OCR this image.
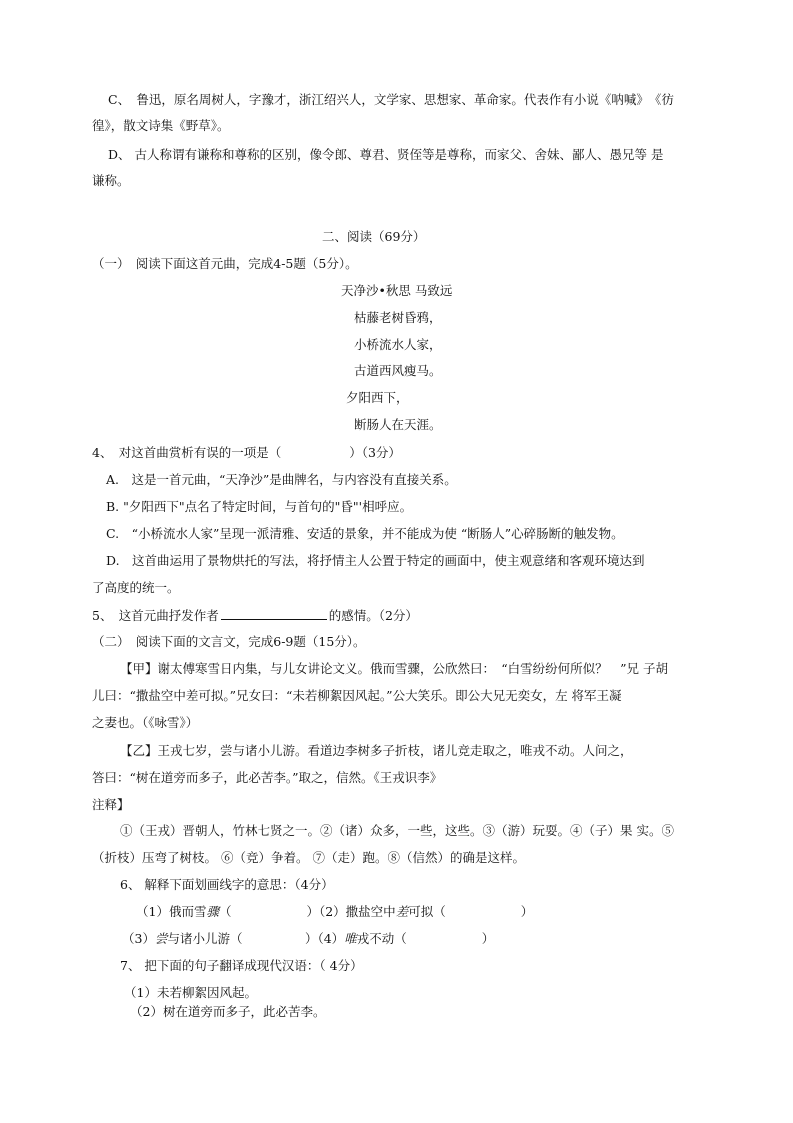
C、　鲁迅，原名周树人，字豫才，浙江绍兴人，文学家、思想家、革命家。代表作有小说《呐喊》　《彷
徨》，散文诗集《野草》。
D、 古人称谓有谦称和尊称的区别，像令郎、尊君、贤侄等是尊称，而家父、舍妹、鄙人、愚兄等 是
谦称。
二、阅读（69分）
（一）　阅读下面这首元曲，完成4-5题（5分）。
天净沙•秋思 马致远
枯藤老树昏鸦，
小桥流水人家，
古道西风瘦马。
夕阳西下，
断肠人在天涯。
4、　对这首曲赏析有误的一项是（	）（3分）
A.　这是一首元曲，“天净沙”是曲牌名，与内容没有直接关系。
B. "夕阳西下"点名了特定时间，与首句的"昏"'相呼应。
C.　“小桥流水人家”呈现一派清雅、安适的景象，并不能成为使 “断肠人”心碎肠断的触发物。
D.　这首曲运用了景物烘托的写法，将抒情主人公置于特定的画面中，使主观意绪和客观环境达到
了高度的统一。
5、　这首元曲抒发作者	的感情。（2分）
（二）　阅读下面的文言文，完成6-9题（15分）。
【甲】谢太傅寒雪日内集，与儿女讲论文义。俄而雪骤，公欣然曰：　“白雪纷纷何所似？　”兄 子胡
儿曰：“撒盐空中差可拟。”兄女曰：“未若柳絮因风起。”公大笑乐。即公大兄无奕女，左 将军王凝
之妻也。（《咏雪》）
【乙】王戎七岁，尝与诸小儿游。看道边李树多子折枝，诸儿竞走取之，唯戎不动。人问之，
答曰：“树在道旁而多子，此必苦李。”取之，信然。《王戎识李》
注释】
①（王戎）晋朝人，竹林七贤之一。②（诸）众多，一些，这些。③（游）玩耍。④（子）果 实。⑤
（折枝）压弯了树枝。 ⑥（竞）争着。 ⑦（走）跑。⑧（信然）的确是这样。
6、 解释下面划画线字的意思：（4分）
（1）俄而雪骤（　　　　　　）（2）撒盐空中差可拟（　　　　　　）
（3）尝与诸小儿游（　　　　　）（4）唯戎不动（　　　　　　）
7、 把下面的句子翻译成现代汉语：（ 4分）
（1）未若柳絮因风起。
（2）树在道旁而多子，此必苦李。
